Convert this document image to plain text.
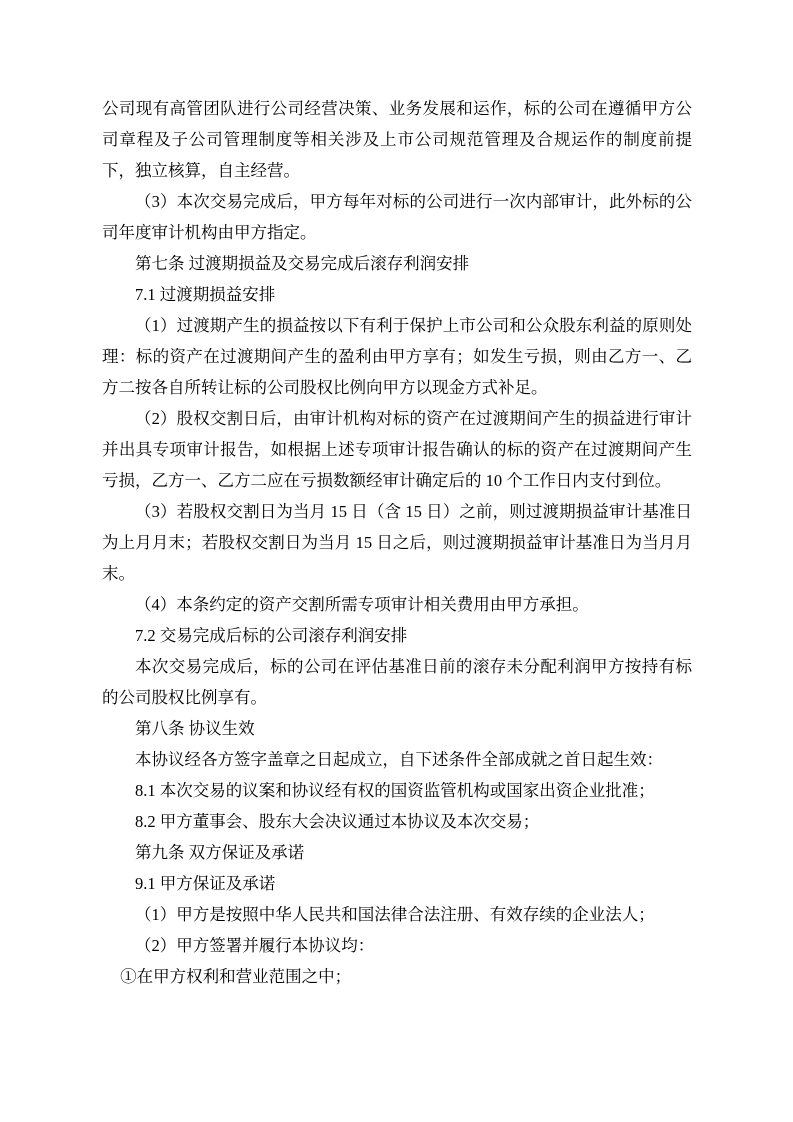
公司现有高管团队进行公司经营决策、业务发展和运作，标的公司在遵循甲方公司章程及子公司管理制度等相关涉及上市公司规范管理及合规运作的制度前提下，独立核算，自主经营。

（3）本次交易完成后，甲方每年对标的公司进行一次内部审计，此外标的公司年度审计机构由甲方指定。

第七条 过渡期损益及交易完成后滚存利润安排

7.1 过渡期损益安排

（1）过渡期产生的损益按以下有利于保护上市公司和公众股东利益的原则处理：标的资产在过渡期间产生的盈利由甲方享有；如发生亏损，则由乙方一、乙方二按各自所转让标的公司股权比例向甲方以现金方式补足。

（2）股权交割日后，由审计机构对标的资产在过渡期间产生的损益进行审计并出具专项审计报告，如根据上述专项审计报告确认的标的资产在过渡期间产生亏损，乙方一、乙方二应在亏损数额经审计确定后的 10 个工作日内支付到位。

（3）若股权交割日为当月 15 日（含 15 日）之前，则过渡期损益审计基准日为上月月末；若股权交割日为当月 15 日之后，则过渡期损益审计基准日为当月月末。

（4）本条约定的资产交割所需专项审计相关费用由甲方承担。

7.2 交易完成后标的公司滚存利润安排

本次交易完成后，标的公司在评估基准日前的滚存未分配利润甲方按持有标的公司股权比例享有。

第八条 协议生效

本协议经各方签字盖章之日起成立，自下述条件全部成就之首日起生效：

8.1 本次交易的议案和协议经有权的国资监管机构或国家出资企业批准；

8.2 甲方董事会、股东大会决议通过本协议及本次交易；

第九条 双方保证及承诺

9.1 甲方保证及承诺

（1）甲方是按照中华人民共和国法律合法注册、有效存续的企业法人；

（2）甲方签署并履行本协议均：

①在甲方权利和营业范围之中；
